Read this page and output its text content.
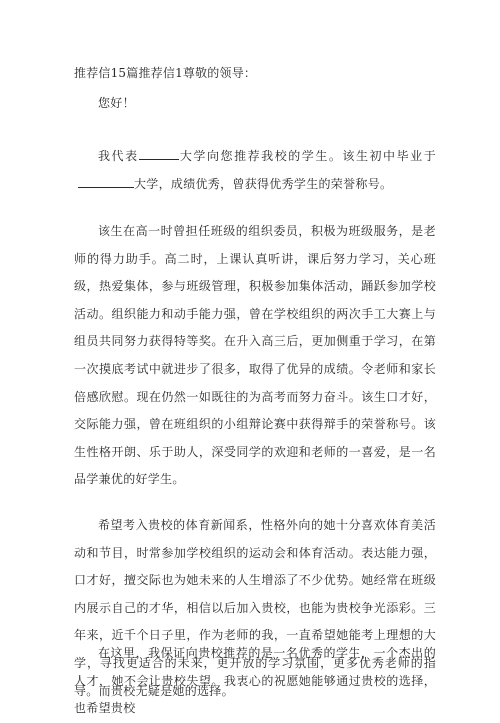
推荐信15篇推荐信1尊敬的领导：

您好！

我代表	大学向您推荐我校的学生。该生初中毕业于大学，成绩优秀，曾获得优秀学生的荣誉称号。

该生在高一时曾担任班级的组织委员，积极为班级服务，是老师的得力助手。高二时，上课认真听讲，课后努力学习，关心班级，热爱集体，参与班级管理，积极参加集体活动，踊跃参加学校活动。组织能力和动手能力强，曾在学校组织的两次手工大赛上与组员共同努力获得特等奖。在升入高三后，更加侧重于学习，在第一次摸底考试中就进步了很多，取得了优异的成绩。令老师和家长倍感欣慰。现在仍然一如既往的为高考而努力奋斗。该生口才好，交际能力强，曾在班组织的小组辩论赛中获得辩手的荣誉称号。该生性格开朗、乐于助人，深受同学的欢迎和老师的一喜爱，是一名品学兼优的好学生。

希望考入贵校的体育新闻系，性格外向的她十分喜欢体育美活动和节目，时常参加学校组织的运动会和体育活动。表达能力强，口才好，擅交际也为她未来的人生增添了不少优势。她经常在班级内展示自己的才华，相信以后加入贵校，也能为贵校争光添彩。三年来，近千个日子里，作为老师的我，一直希望她能考上理想的大学，寻找更适合的未来，更开放的学习氛围，更多优秀老师的指导。而贵校无疑是她的选择。

在这里，我保证向贵校推荐的是一名优秀的学生，一个杰出的人才，她不会让贵校失望。我衷心的祝愿她能够通过贵校的选择，也希望贵校
